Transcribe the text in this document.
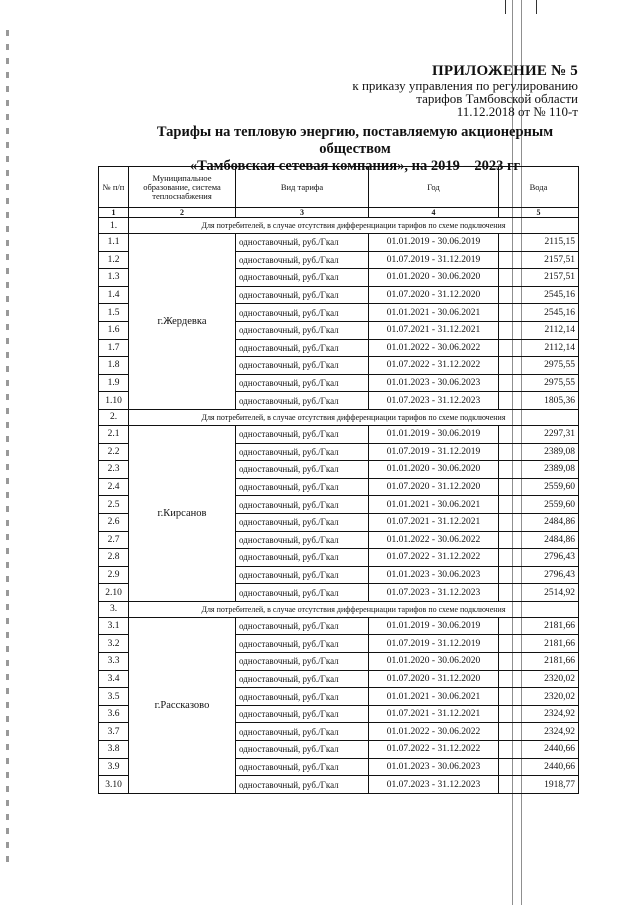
ПРИЛОЖЕНИЕ № 5
к приказу управления по регулированию
тарифов Тамбовской области
11.12.2018 от № 110-т
Тарифы на тепловую энергию, поставляемую акционерным обществом
«Тамбовская сетевая компания», на 2019 – 2023 гг
№ п/п	Муниципальное образование, система теплоснабжения	Вид тарифа	Год	Вода
1	2	3	4	5
1.	Для потребителей, в случае отсутствия дифференциации тарифов по схеме подключения			
1.1	г.Жердевка	одноставочный, руб./Гкал	01.01.2019 - 30.06.2019	2115,15
1.2		одноставочный, руб./Гкал	01.07.2019 - 31.12.2019	2157,51
1.3		одноставочный, руб./Гкал	01.01.2020 - 30.06.2020	2157,51
1.4		одноставочный, руб./Гкал	01.07.2020 - 31.12.2020	2545,16
1.5		одноставочный, руб./Гкал	01.01.2021 - 30.06.2021	2545,16
1.6		одноставочный, руб./Гкал	01.07.2021 - 31.12.2021	2112,14
1.7		одноставочный, руб./Гкал	01.01.2022 - 30.06.2022	2112,14
1.8		одноставочный, руб./Гкал	01.07.2022 - 31.12.2022	2975,55
1.9		одноставочный, руб./Гкал	01.01.2023 - 30.06.2023	2975,55
1.10		одноставочный, руб./Гкал	01.07.2023 - 31.12.2023	1805,36
2.	Для потребителей, в случае отсутствия дифференциации тарифов по схеме подключения			
2.1	г.Кирсанов	одноставочный, руб./Гкал	01.01.2019 - 30.06.2019	2297,31
2.2		одноставочный, руб./Гкал	01.07.2019 - 31.12.2019	2389,08
2.3		одноставочный, руб./Гкал	01.01.2020 - 30.06.2020	2389,08
2.4		одноставочный, руб./Гкал	01.07.2020 - 31.12.2020	2559,60
2.5		одноставочный, руб./Гкал	01.01.2021 - 30.06.2021	2559,60
2.6		одноставочный, руб./Гкал	01.07.2021 - 31.12.2021	2484,86
2.7		одноставочный, руб./Гкал	01.01.2022 - 30.06.2022	2484,86
2.8		одноставочный, руб./Гкал	01.07.2022 - 31.12.2022	2796,43
2.9		одноставочный, руб./Гкал	01.01.2023 - 30.06.2023	2796,43
2.10		одноставочный, руб./Гкал	01.07.2023 - 31.12.2023	2514,92
3.	Для потребителей, в случае отсутствия дифференциации тарифов по схеме подключения			
3.1	г.Рассказово	одноставочный, руб./Гкал	01.01.2019 - 30.06.2019	2181,66
3.2		одноставочный, руб./Гкал	01.07.2019 - 31.12.2019	2181,66
3.3		одноставочный, руб./Гкал	01.01.2020 - 30.06.2020	2181,66
3.4		одноставочный, руб./Гкал	01.07.2020 - 31.12.2020	2320,02
3.5		одноставочный, руб./Гкал	01.01.2021 - 30.06.2021	2320,02
3.6		одноставочный, руб./Гкал	01.07.2021 - 31.12.2021	2324,92
3.7		одноставочный, руб./Гкал	01.01.2022 - 30.06.2022	2324,92
3.8		одноставочный, руб./Гкал	01.07.2022 - 31.12.2022	2440,66
3.9		одноставочный, руб./Гкал	01.01.2023 - 30.06.2023	2440,66
3.10		одноставочный, руб./Гкал	01.07.2023 - 31.12.2023	1918,77
